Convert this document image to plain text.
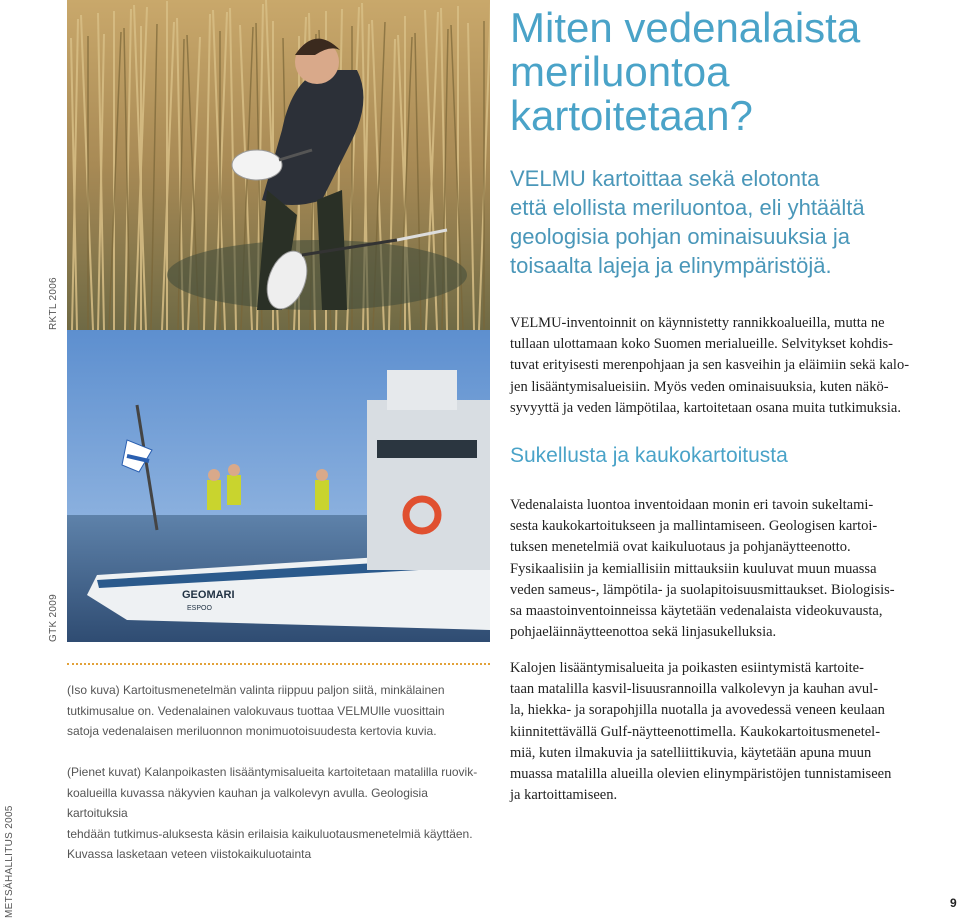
RKTL 2006
GTK 2009
METSÄHALLITUS 2005
GEOMARI
ESPOO
Miten vedenalaista
meriluontoa
kartoitetaan?

VELMU kartoittaa sekä elotonta
että elollista meriluontoa, eli yhtäältä
geologisia pohjan ominaisuuksia ja
toisaalta lajeja ja elinympäristöjä.

VELMU-inventoinnit on käynnistetty rannikkoalueilla, mutta ne
tullaan ulottamaan koko Suomen merialueille. Selvitykset kohdis-
tuvat erityisesti merenpohjaan ja sen kasveihin ja eläimiin sekä kalo-
jen lisääntymisalueisiin. Myös veden ominaisuuksia, kuten näkö-
syvyyttä ja veden lämpötilaa, kartoitetaan osana muita tutkimuksia.

Sukellusta ja kaukokartoitusta

Vedenalaista luontoa inventoidaan monin eri tavoin sukeltami-
sesta kaukokartoitukseen ja mallintamiseen. Geologisen kartoi-
tuksen menetelmiä ovat kaikuluotaus ja pohjanäytteenotto.
Fysikaalisiin ja kemiallisiin mittauksiin kuuluvat muun muassa
veden sameus-, lämpötila- ja suolapitoisuusmittaukset. Biologisis-
sa maastoinventoinneissa käytetään vedenalaista videokuvausta,
pohjaeläinnäytteenottoa sekä linjasukelluksia.

Kalojen lisääntymisalueita ja poikasten esiintymistä kartoite-
taan matalilla kasvil-lisuusrannoilla valkolevyn ja kauhan avul-
la, hiekka- ja sorapohjilla nuotalla ja avovedessä veneen keulaan
kiinnitettävällä Gulf-näytteenottimella. Kaukokartoitusmenetel-
miä, kuten ilmakuvia ja satelliittikuvia, käytetään apuna muun
muassa matalilla alueilla olevien elinympäristöjen tunnistamiseen
ja kartoittamiseen.

(Iso kuva) Kartoitusmenetelmän valinta riippuu paljon siitä, minkälainen
tutkimusalue on. Vedenalainen valokuvaus tuottaa VELMUlle vuosittain
satoja vedenalaisen meriluonnon monimuotoisuudesta kertovia kuvia.

(Pienet kuvat) Kalanpoikasten lisääntymisalueita kartoitetaan matalilla ruovik-
koalueilla kuvassa näkyvien kauhan ja valkolevyn avulla. Geologisia kartoituksia
tehdään tutkimus-aluksesta käsin erilaisia kaikuluotausmenetelmiä käyttäen.
Kuvassa lasketaan veteen viistokaikuluotainta

9
